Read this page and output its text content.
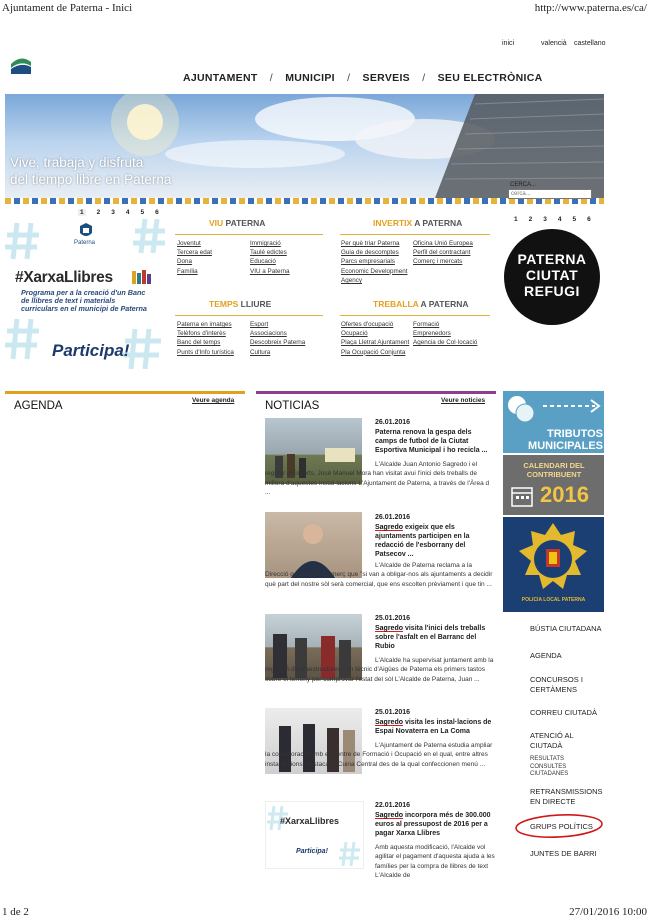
Ajuntament de Paterna - Inici	http://www.paterna.es/ca/
inici	valencià castellano
AJUNTAMENT / MUNICIPI / SERVEIS / SEU ELECTRÒNICA
Vive, trabaja y disfruta
del tiempo libre en Paterna	CERCA...
cerca...
1	2 3 4 5 6
Paterna
#XarxaLlibres
Programa per a la creació d'un Banc de llibres de text i materials curriculars en el municipi de Paterna
Participa!
VIU PATERNA
Joventut
Tercera edat
Dona
Família
Immigració
Taulé edictes
Educació
VIU a Paterna
INVERTIX A PATERNA
Per què triar Paterna
Guia de descomptes
Parcs empresarials
Economic Development Agency
Oficina Unió Europea
Perfil del contractant
Comerç i mercats
TEMPS LLIURE
Paterna en imatges
Telèfons d'interès
Banc del temps
Punts d'Info turística
Esport
Associacions
Descobreix Paterna
Cultura
TREBALLA A PATERNA
Ofertes d'ocupació
Ocupació
Plaça Lletrat Ajuntament
Pla Ocupació Conjunta
Formació
Emprenedors
Agencia de Col·locació
1 2 3 4 5 6
PATERNA
CIUTAT
REFUGI
AGENDA	Veure agenda	NOTICIAS	Veure noticies
26.01.2016
Paterna renova la gespa dels camps de futbol de la Ciutat Esportiva Municipal i ho recicla ...
L'Alcalde Juan Antonio Sagredo i el regidor d'Esports, José Manuel Mora han visitat avui l'inici dels treballs de millora d'aquestes instal·lacions L'Ajuntament de Paterna, a través de l'Àrea d ...
26.01.2016
Sagredo exigeix que els ajuntaments participen en la redacció de l'esborrany del Patsecov ...
L'Alcalde de Paterna reclama a la Direcció general de Comerç que "si van a obligar-nos als ajuntaments a decidir què part del nostre sòl serà comercial, que ens escolten prèviament i que tin ...
25.01.2016
Sagredo visita l'inici dels treballs sobre l'asfalt en el Barranc del Rubio
L'Alcalde ha supervisat juntament amb la regidorA d'Infraestructures i un tècnic d'Aigües de Paterna els primers tastos sobre el terreny per comprovar l'estat del sòl L'Alcalde de Paterna, Juan ...
25.01.2016
Sagredo visita les instal·lacions de Espai Novaterra en La Coma
L'Ajuntament de Paterna estudia ampliar la col·laboració amb el Centre de Formació i Ocupació en el qual, entre altres instal·lacions, destaca la Cuina Central des de la qual confeccionen menú ...
#XarxaLlibres
Participa!
22.01.2016
Sagredo incorpora més de 300.000 euros al pressupost de 2016 per a pagar Xarxa Llibres
Amb aquesta modificació, l'Alcalde vol agilitar el pagament d'aquesta ajuda a les famílies per la compra de llibres de text L'Alcalde de
TRIBUTOS MUNICIPALES
CALENDARI DEL CONTRIBUENT
2016
POLICIA LOCAL PATERNA
BÚSTIA CIUTADANA
AGENDA
CONCURSOS I CERTÀMENS
CORREU CIUTADÀ
ATENCIÓ AL CIUTADÀ
RESULTATS
CONSULTES
CIUTADANES
RETRANSMISSIONS EN DIRECTE
GRUPS POLÍTICS
JUNTES DE BARRI
1 de 2	27/01/2016 10:00
